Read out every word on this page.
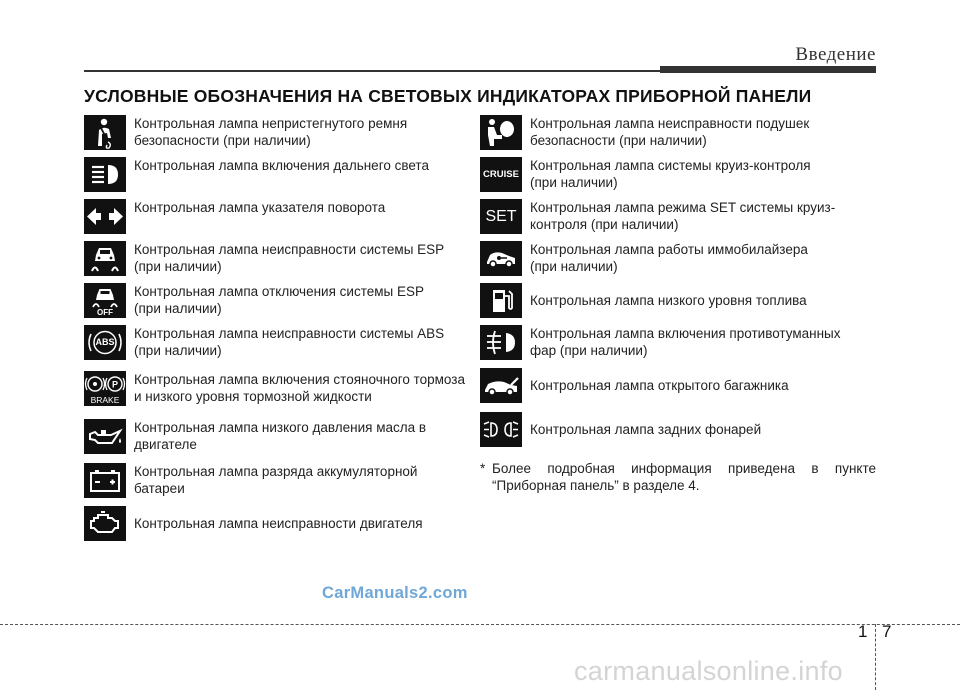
Введение
УСЛОВНЫЕ ОБОЗНАЧЕНИЯ НА СВЕТОВЫХ ИНДИКАТОРАХ ПРИБОРНОЙ ПАНЕЛИ
Контрольная лампа непристегнутого ремня
безопасности (при наличии)
Контрольная лампа включения дальнего света
Контрольная лампа указателя поворота
Контрольная лампа неисправности системы ESP
(при наличии)
OFF
Контрольная лампа отключения системы ESP
(при наличии)
ABS
Контрольная лампа неисправности системы ABS
(при наличии)
P
BRAKE
Контрольная лампа включения стояночного тормоза
и низкого уровня тормозной жидкости
Контрольная лампа низкого давления масла в
двигателе
Контрольная лампа разряда аккумуляторной
батареи
Контрольная лампа неисправности двигателя
Контрольная лампа неисправности подушек
безопасности (при наличии)
CRUISE
Контрольная лампа системы круиз-контроля
(при наличии)
SET Контрольная лампа режима SET системы круиз-
контроля (при наличии)
Контрольная лампа работы иммобилайзера
(при наличии)
Контрольная лампа низкого уровня топлива
Контрольная лампа включения противотуманных
фар (при наличии)
Контрольная лампа открытого багажника
Контрольная лампа задних фонарей
* Более подробная информация приведена в пункте
“Приборная панель” в разделе 4.
CarManuals2.com
1 7
carmanualsonline.info
